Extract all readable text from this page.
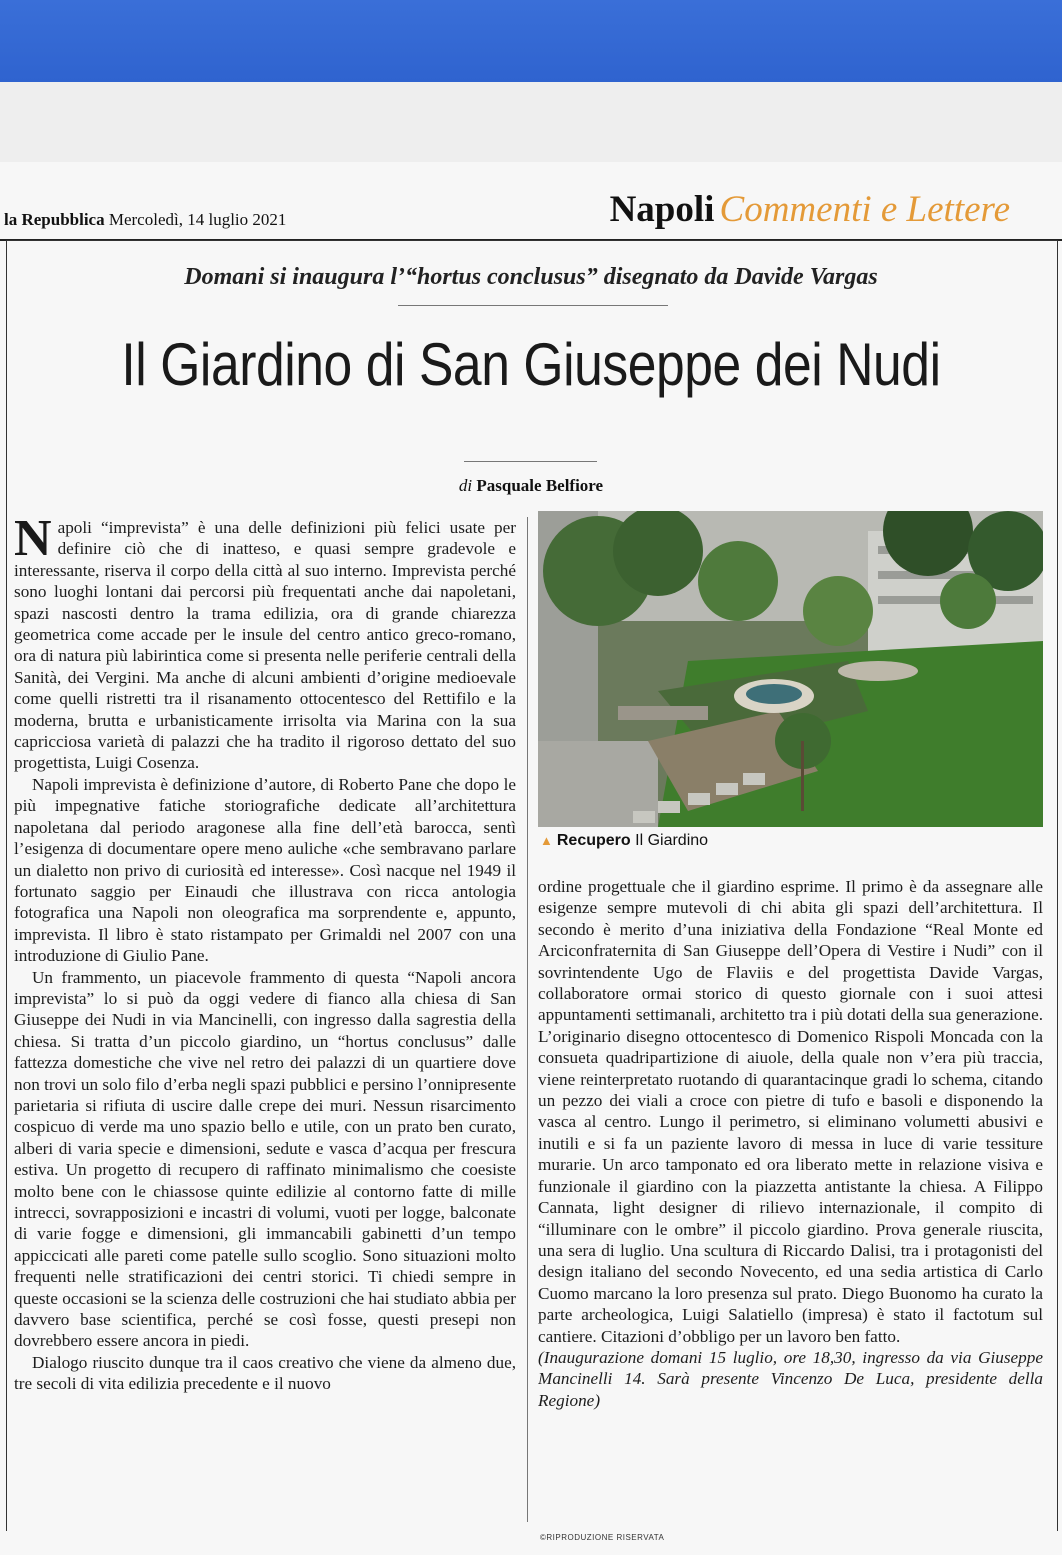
la Repubblica Mercoledì, 14 luglio 2021	Napoli Commenti e Lettere
Domani si inaugura l’“hortus conclusus” disegnato da Davide Vargas
Il Giardino di San Giuseppe dei Nudi
di Pasquale Belfiore

Napoli “imprevista” è una delle definizioni più felici usate per definire ciò che di inatteso, e quasi sempre gradevole e interessante, riserva il corpo della città al suo interno. Imprevista perché sono luoghi lontani dai percorsi più frequentati anche dai napoletani, spazi nascosti dentro la trama edilizia, ora di grande chiarezza geometrica come accade per le insule del centro antico greco-romano, ora di natura più labirintica come si presenta nelle periferie centrali della Sanità, dei Vergini. Ma anche di alcuni ambienti d’origine medioevale come quelli ristretti tra il risanamento ottocentesco del Rettifilo e la moderna, brutta e urbanisticamente irrisolta via Marina con la sua capricciosa varietà di palazzi che ha tradito il rigoroso dettato del suo progettista, Luigi Cosenza.

Napoli imprevista è definizione d’autore, di Roberto Pane che dopo le più impegnative fatiche storiografiche dedicate all’architettura napoletana dal periodo aragonese alla fine dell’età barocca, sentì l’esigenza di documentare opere meno auliche «che sembravano parlare un dialetto non privo di curiosità ed interesse». Così nacque nel 1949 il fortunato saggio per Einaudi che illustrava con ricca antologia fotografica una Napoli non oleografica ma sorprendente e, appunto, imprevista. Il libro è stato ristampato per Grimaldi nel 2007 con una introduzione di Giulio Pane.

Un frammento, un piacevole frammento di questa “Napoli ancora imprevista” lo si può da oggi vedere di fianco alla chiesa di San Giuseppe dei Nudi in via Mancinelli, con ingresso dalla sagrestia della chiesa. Si tratta d’un piccolo giardino, un “hortus conclusus” dalle fattezza domestiche che vive nel retro dei palazzi di un quartiere dove non trovi un solo filo d’erba negli spazi pubblici e persino l’onnipresente parietaria si rifiuta di uscire dalle crepe dei muri. Nessun risarcimento cospicuo di verde ma uno spazio bello e utile, con un prato ben curato, alberi di varia specie e dimensioni, sedute e vasca d’acqua per frescura estiva. Un progetto di recupero di raffinato minimalismo che coesiste molto bene con le chiassose quinte edilizie al contorno fatte di mille intrecci, sovrapposizioni e incastri di volumi, vuoti per logge, balconate di varie fogge e dimensioni, gli immancabili gabinetti d’un tempo appiccicati alle pareti come patelle sullo scoglio. Sono situazioni molto frequenti nelle stratificazioni dei centri storici. Ti chiedi sempre in queste occasioni se la scienza delle costruzioni che hai studiato abbia per davvero base scientifica, perché se così fosse, questi presepi non dovrebbero essere ancora in piedi.

Dialogo riuscito dunque tra il caos creativo che viene da almeno due, tre secoli di vita edilizia precedente e il nuovo

▲ Recupero Il Giardino

ordine progettuale che il giardino esprime. Il primo è da assegnare alle esigenze sempre mutevoli di chi abita gli spazi dell’architettura. Il secondo è merito d’una iniziativa della Fondazione “Real Monte ed Arciconfraternita di San Giuseppe dell’Opera di Vestire i Nudi” con il sovrintendente Ugo de Flaviis e del progettista Davide Vargas, collaboratore ormai storico di questo giornale con i suoi attesi appuntamenti settimanali, architetto tra i più dotati della sua generazione. L’originario disegno ottocentesco di Domenico Rispoli Moncada con la consueta quadripartizione di aiuole, della quale non v’era più traccia, viene reinterpretato ruotando di quarantacinque gradi lo schema, citando un pezzo dei viali a croce con pietre di tufo e basoli e disponendo la vasca al centro. Lungo il perimetro, si eliminano volumetti abusivi e inutili e si fa un paziente lavoro di messa in luce di varie tessiture murarie. Un arco tamponato ed ora liberato mette in relazione visiva e funzionale il giardino con la piazzetta antistante la chiesa. A Filippo Cannata, light designer di rilievo internazionale, il compito di “illuminare con le ombre” il piccolo giardino. Prova generale riuscita, una sera di luglio. Una scultura di Riccardo Dalisi, tra i protagonisti del design italiano del secondo Novecento, ed una sedia artistica di Carlo Cuomo marcano la loro presenza sul prato. Diego Buonomo ha curato la parte archeologica, Luigi Salatiello (impresa) è stato il factotum sul cantiere. Citazioni d’obbligo per un lavoro ben fatto.

(Inaugurazione domani 15 luglio, ore 18,30, ingresso da via Giuseppe Mancinelli 14. Sarà presente Vincenzo De Luca, presidente della Regione)

©RIPRODUZIONE RISERVATA
